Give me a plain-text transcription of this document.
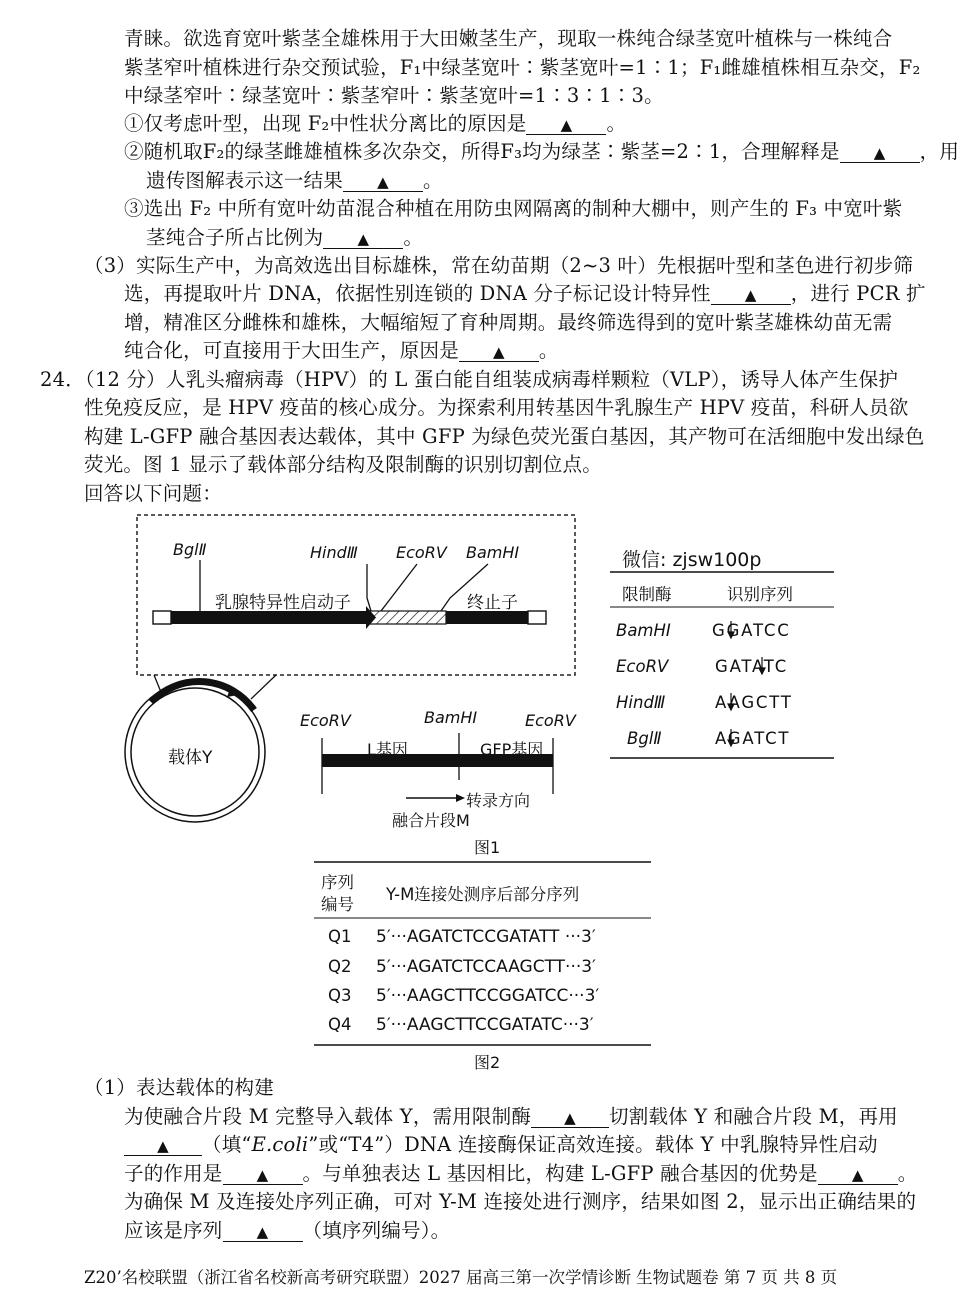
青睐。欲选育宽叶紫茎全雄株用于大田嫩茎生产，现取一株纯合绿茎宽叶植株与一株纯合
紫茎窄叶植株进行杂交预试验，F₁中绿茎宽叶∶紫茎宽叶=1∶1；F₁雌雄植株相互杂交，F₂
中绿茎窄叶∶绿茎宽叶∶紫茎窄叶∶紫茎宽叶=1∶3∶1∶3。
①仅考虑叶型，出现 F₂中性状分离比的原因是 ▲ 。
②随机取F₂的绿茎雌雄植株多次杂交，所得F₃均为绿茎∶紫茎=2∶1，合理解释是 ▲ ，用
遗传图解表示这一结果 ▲ 。
③选出 F₂ 中所有宽叶幼苗混合种植在用防虫网隔离的制种大棚中，则产生的 F₃ 中宽叶紫
茎纯合子所占比例为 ▲ 。
（3）实际生产中，为高效选出目标雄株，常在幼苗期（2~3 叶）先根据叶型和茎色进行初步筛
选，再提取叶片 DNA，依据性别连锁的 DNA 分子标记设计特异性 ▲ ，进行 PCR 扩
增，精准区分雌株和雄株，大幅缩短了育种周期。最终筛选得到的宽叶紫茎雄株幼苗无需
纯合化，可直接用于大田生产，原因是 ▲ 。
24．（12 分）人乳头瘤病毒（HPV）的 L 蛋白能自组装成病毒样颗粒（VLP），诱导人体产生保护
性免疫反应，是 HPV 疫苗的核心成分。为探索利用转基因牛乳腺生产 HPV 疫苗，科研人员欲
构建 L-GFP 融合基因表达载体，其中 GFP 为绿色荧光蛋白基因，其产物可在活细胞中发出绿色
荧光。图 1 显示了载体部分结构及限制酶的识别切割位点。
回答以下问题：
BglⅡ	HindⅢ EcoRⅤ BamHⅠ
乳腺特异性启动子	终止子
载体Y
EcoRⅤ	BamHⅠ	EcoRⅤ
L基因	GFP基因
转录方向
融合片段M
图1
微信: zjsw100p
限制酶	识别序列
BamHⅠ GGATCC
EcoRⅤ	GATATC
HindⅢ	AAGCTT
BglⅡ	AGATCT
序列
编号
Y-M连接处测序后部分序列
Q1 5′···AGATCTCCGATATT ···3′
Q2 5′···AGATCTCCAAGCTT···3′
Q3 5′···AAGCTTCCGGATCC···3′
Q4 5′···AAGCTTCCGATATC···3′
图2
（1）表达载体的构建
为使融合片段 M 完整导入载体 Y，需用限制酶 ▲ 切割载体 Y 和融合片段 M，再用
▲ （填“E.coli”或“T4”）DNA 连接酶保证高效连接。载体 Y 中乳腺特异性启动
子的作用是 ▲ 。与单独表达 L 基因相比，构建 L-GFP 融合基因的优势是 ▲ 。
为确保 M 及连接处序列正确，可对 Y-M 连接处进行测序，结果如图 2，显示出正确结果的
应该是序列 ▲ （填序列编号）。
Z20’名校联盟（浙江省名校新高考研究联盟）2027 届高三第一次学情诊断 生物试题卷 第 7 页 共 8 页
